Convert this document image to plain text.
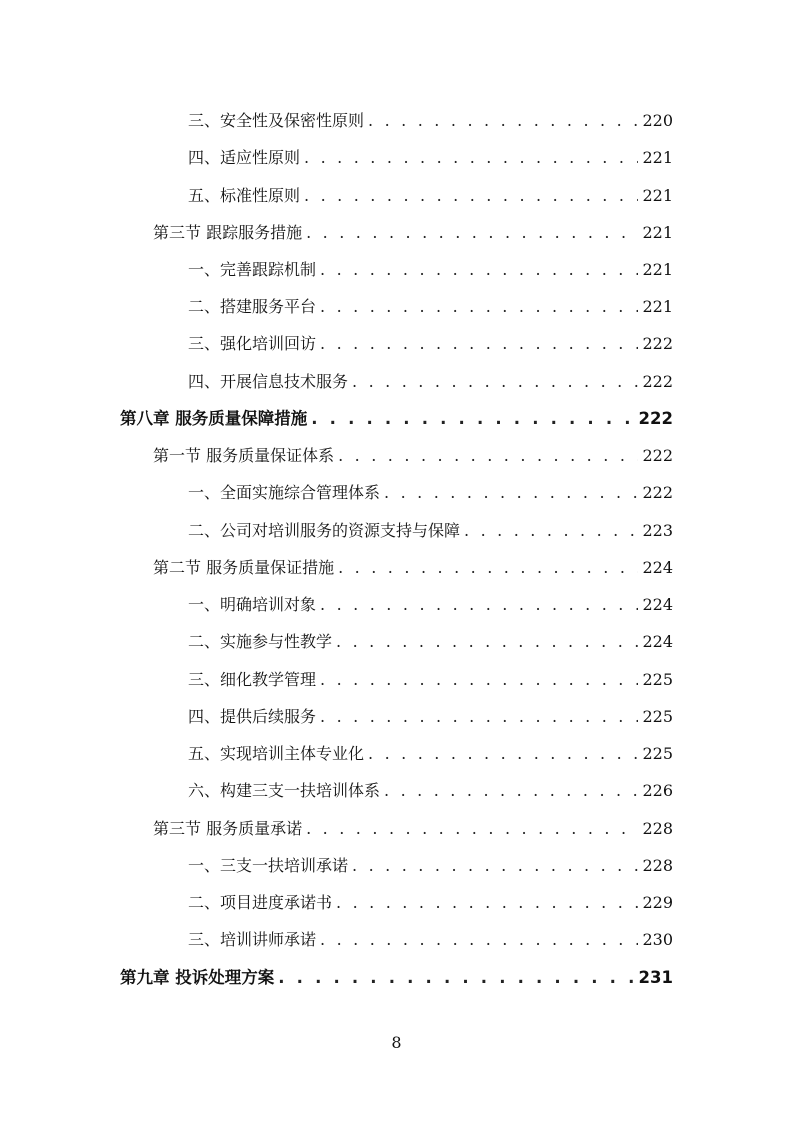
三、安全性及保密性原则 . . .	220
四、适应性原则 . . .	221
五、标准性原则 . . .	221
第三节 跟踪服务措施 . . .	221
一、完善跟踪机制 . . .	221
二、搭建服务平台 . . .	221
三、强化培训回访 . . .	222
四、开展信息技术服务 . . .	222
第八章 服务质量保障措施 . . .	222
第一节 服务质量保证体系 . . .	222
一、全面实施综合管理体系 . . .	222
二、公司对培训服务的资源支持与保障 . . .	223
第二节 服务质量保证措施 . . .	224
一、明确培训对象 . . .	224
二、实施参与性教学 . . .	224
三、细化教学管理 . . .	225
四、提供后续服务 . . .	225
五、实现培训主体专业化 . . .	225
六、构建三支一扶培训体系 . . .	226
第三节 服务质量承诺 . . .	228
一、三支一扶培训承诺 . . .	228
二、项目进度承诺书 . . .	229
三、培训讲师承诺 . . .	230
第九章 投诉处理方案 . . .	231
8
